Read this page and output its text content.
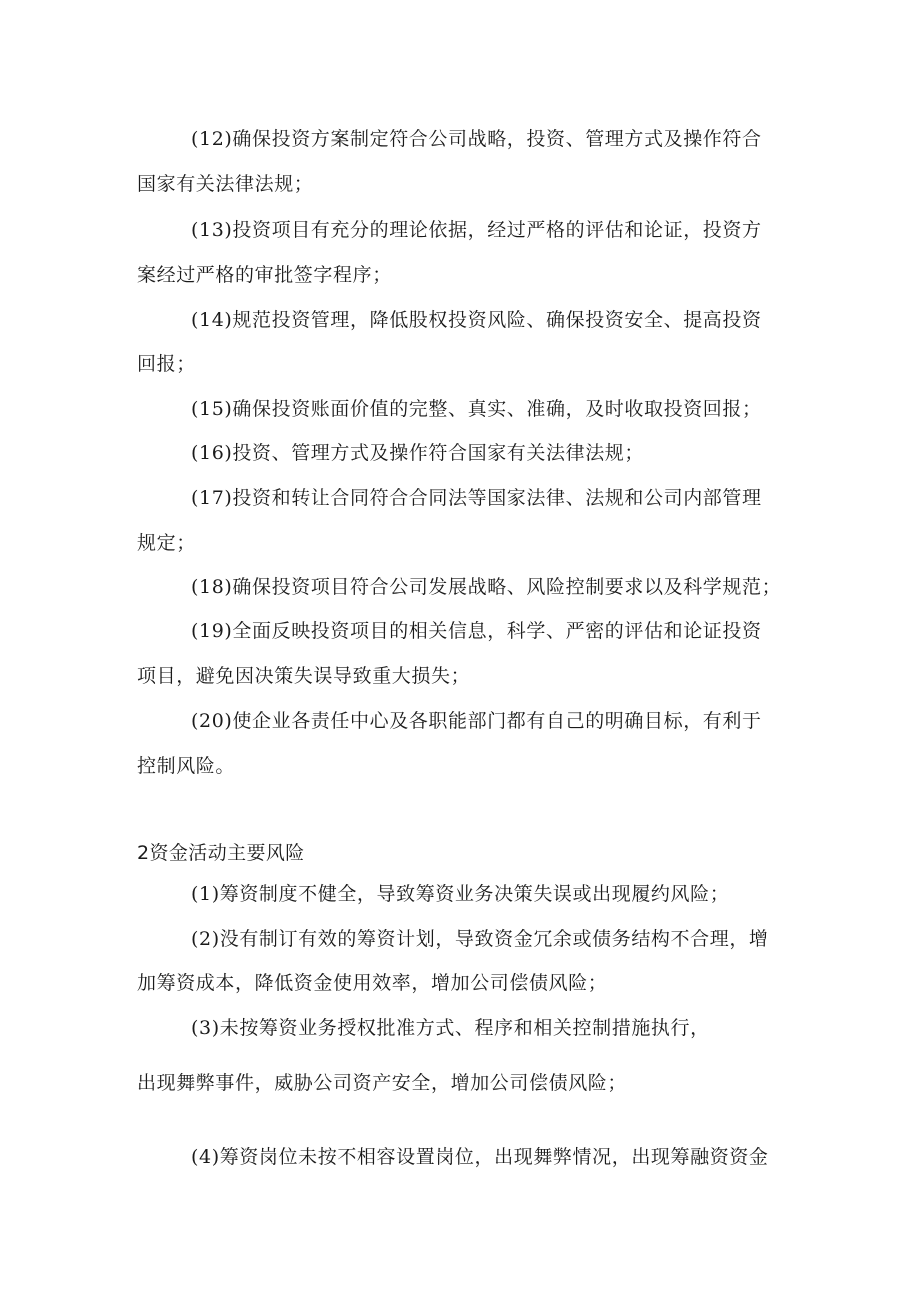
(12)确保投资方案制定符合公司战略，投资、管理方式及操作符合
国家有关法律法规；
(13)投资项目有充分的理论依据，经过严格的评估和论证，投资方
案经过严格的审批签字程序；
(14)规范投资管理，降低股权投资风险、确保投资安全、提高投资
回报；
(15)确保投资账面价值的完整、真实、准确，及时收取投资回报；
(16)投资、管理方式及操作符合国家有关法律法规；
(17)投资和转让合同符合合同法等国家法律、法规和公司内部管理
规定；
(18)确保投资项目符合公司发展战略、风险控制要求以及科学规范；
(19)全面反映投资项目的相关信息，科学、严密的评估和论证投资
项目，避免因决策失误导致重大损失；
(20)使企业各责任中心及各职能部门都有自己的明确目标，有利于
控制风险。
2资金活动主要风险
(1)筹资制度不健全，导致筹资业务决策失误或出现履约风险；
(2)没有制订有效的筹资计划，导致资金冗余或债务结构不合理，增
加筹资成本，降低资金使用效率，增加公司偿债风险；
(3)未按筹资业务授权批准方式、程序和相关控制措施执行，
出现舞弊事件，威胁公司资产安全，增加公司偿债风险；
(4)筹资岗位未按不相容设置岗位，出现舞弊情况，出现筹融资资金
